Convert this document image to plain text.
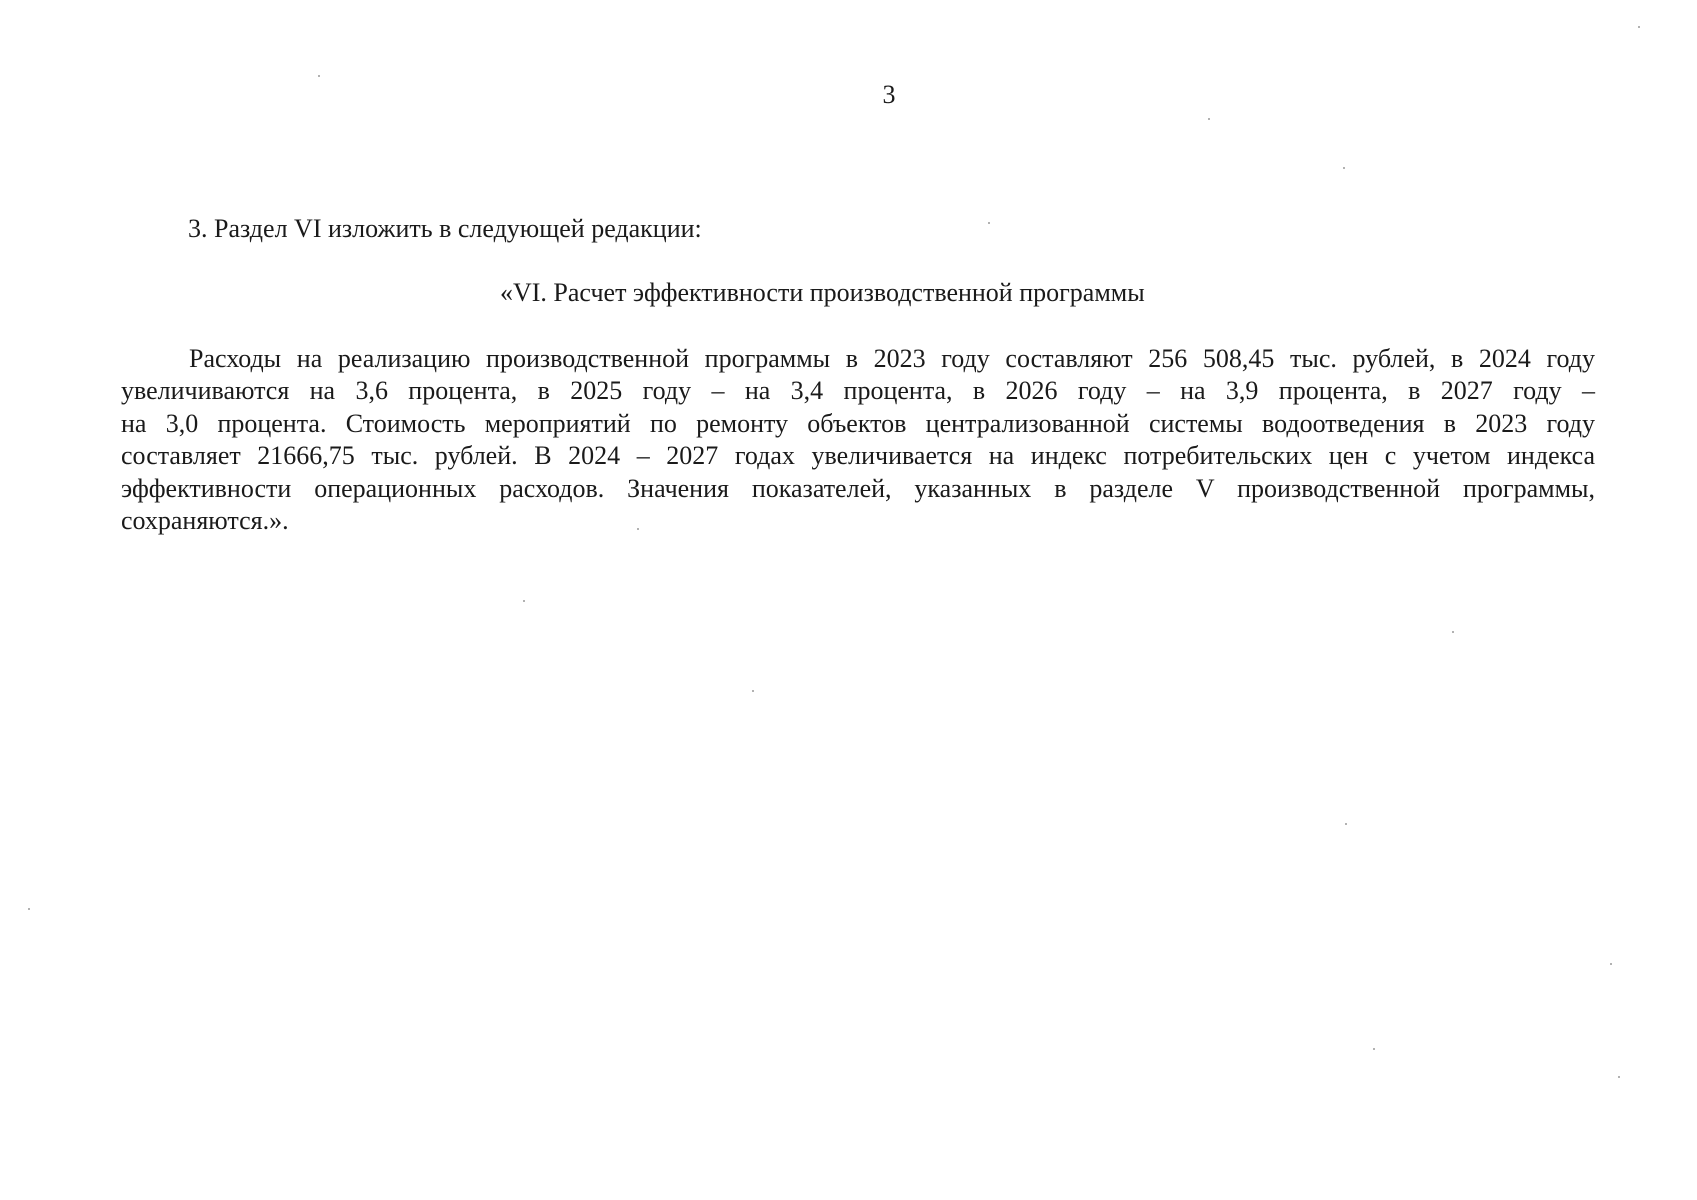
3
3. Раздел VI изложить в следующей редакции:
«VI. Расчет эффективности производственной программы
Расходы на реализацию производственной программы в 2023 году составляют 256 508,45 тыс. рублей, в 2024 году
увеличиваются на 3,6 процента, в 2025 году – на 3,4 процента, в 2026 году – на 3,9 процента, в 2027 году –
на 3,0 процента. Стоимость мероприятий по ремонту объектов централизованной системы водоотведения в 2023 году
составляет 21666,75 тыс. рублей. В 2024 – 2027 годах увеличивается на индекс потребительских цен с учетом индекса
эффективности операционных расходов. Значения показателей, указанных в разделе V производственной программы,
сохраняются.».
